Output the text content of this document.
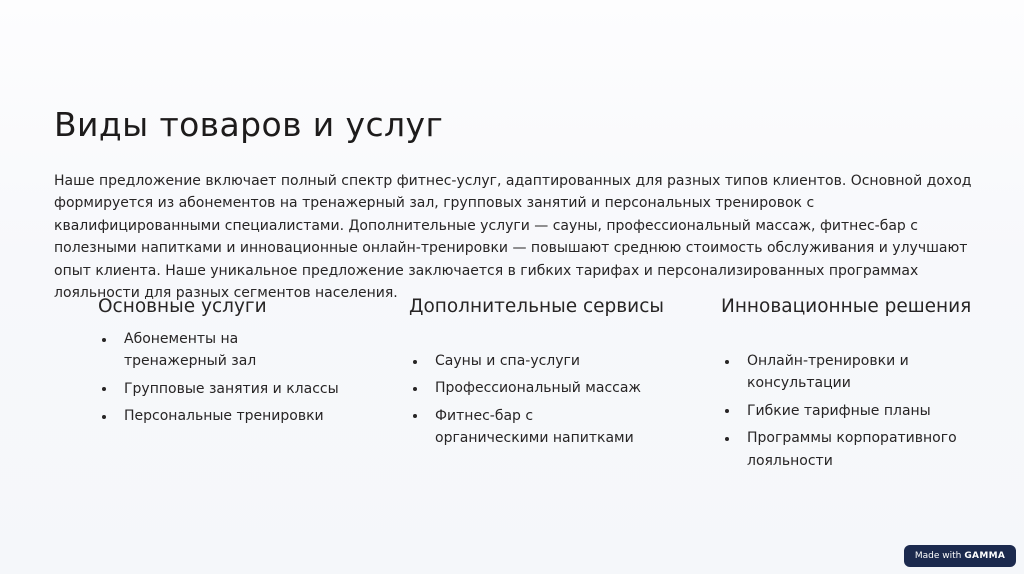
Виды товаров и услуг

Наше предложение включает полный спектр фитнес-услуг, адаптированных для разных типов клиентов. Основной доход формируется из абонементов на тренажерный зал, групповых занятий и персональных тренировок с квалифицированными специалистами. Дополнительные услуги — сауны, профессиональный массаж, фитнес-бар с полезными напитками и инновационные онлайн-тренировки — повышают среднюю стоимость обслуживания и улучшают опыт клиента. Наше уникальное предложение заключается в гибких тарифах и персонализированных программах лояльности для разных сегментов населения.

Основные услуги
Абонементы на тренажерный зал
Групповые занятия и классы
Персональные тренировки
Дополнительные сервисы
Сауны и спа-услуги
Профессиональный массаж
Фитнес-бар с органическими напитками
Инновационные решения
Онлайн-тренировки и консультации
Гибкие тарифные планы
Программы корпоративного лояльности
Made with GAMMA
